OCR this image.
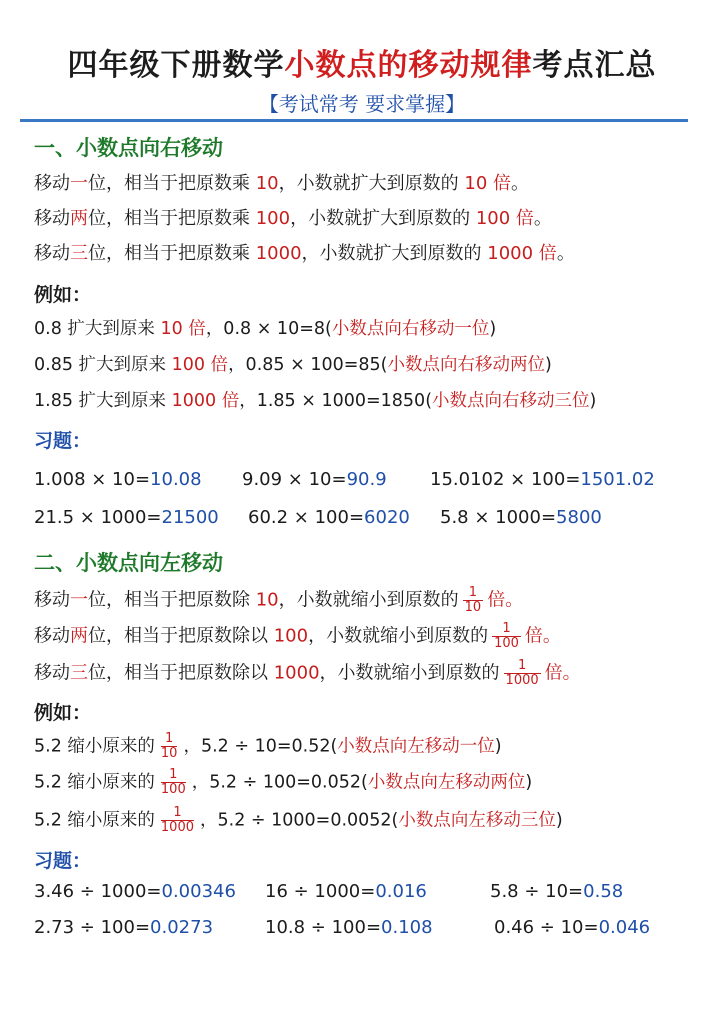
四年级下册数学小数点的移动规律考点汇总
【考试常考 要求掌握】
一、小数点向右移动
移动一位，相当于把原数乘 10，小数就扩大到原数的 10 倍。
移动两位，相当于把原数乘 100，小数就扩大到原数的 100 倍。
移动三位，相当于把原数乘 1000，小数就扩大到原数的 1000 倍。
例如：
0.8 扩大到原来 10 倍，0.8 × 10=8(小数点向右移动一位)
0.85 扩大到原来 100 倍，0.85 × 100=85(小数点向右移动两位)
1.85 扩大到原来 1000 倍，1.85 × 1000=1850(小数点向右移动三位)
习题：
1.008 × 10=10.08 9.09 × 10=90.9 15.0102 × 100=1501.02
21.5 × 1000=21500 60.2 × 100=6020 5.8 × 1000=5800
二、小数点向左移动
移动一位，相当于把原数除 10，小数就缩小到原数的 $\frac{1}{10}$ 倍。
移动两位，相当于把原数除以 100，小数就缩小到原数的 $\frac{1}{100}$ 倍。
移动三位，相当于把原数除以 1000，小数就缩小到原数的 $\frac{1}{1000}$ 倍。
例如：
5.2 缩小原来的 $\frac{1}{10}$ ，5.2 ÷ 10=0.52(小数点向左移动一位)
5.2 缩小原来的 $\frac{1}{100}$ ，5.2 ÷ 100=0.052(小数点向左移动两位)
5.2 缩小原来的 $\frac{1}{1000}$ ，5.2 ÷ 1000=0.0052(小数点向左移动三位)
习题：
3.46 ÷ 1000=0.00346 16 ÷ 1000=0.016	5.8 ÷ 10=0.58
2.73 ÷ 100=0.0273	10.8 ÷ 100=0.108	0.46 ÷ 10=0.046
